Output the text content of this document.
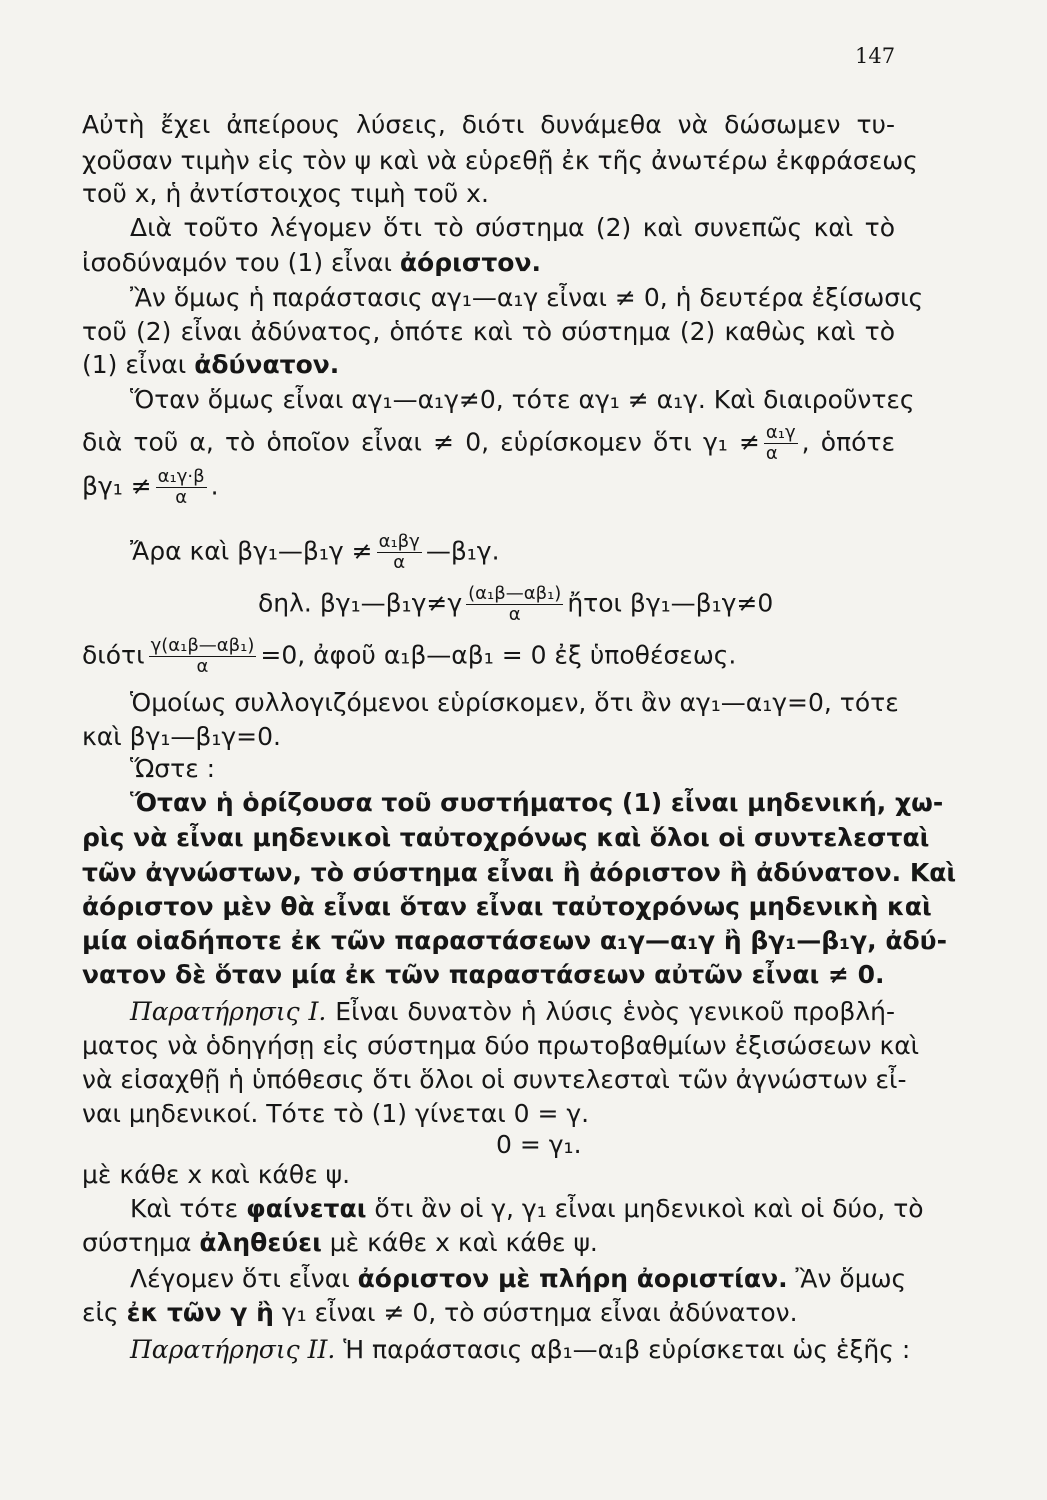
147
Αὐτὴ ἔχει ἀπείρους λύσεις, διότι δυνάμεθα νὰ δώσωμεν τυ-
χοῦσαν τιμὴν εἰς τὸν ψ καὶ νὰ εὑρεθῇ ἐκ τῆς ἀνωτέρω ἐκφράσεως
τοῦ x, ἡ ἀντίστοιχος τιμὴ τοῦ x.
Διὰ τοῦτο λέγομεν ὅτι τὸ σύστημα (2) καὶ συνεπῶς καὶ τὸ
ἰσοδύναμόν του (1) εἶναι ἀόριστον.
Ἂν ὅμως ἡ παράστασις αγ₁—α₁γ εἶναι ≠ 0, ἡ δευτέρα ἐξίσωσις
τοῦ (2) εἶναι ἀδύνατος, ὁπότε καὶ τὸ σύστημα (2) καθὼς καὶ τὸ
(1) εἶναι ἀδύνατον.
Ὅταν ὅμως εἶναι αγ₁—α₁γ≠0, τότε αγ₁ ≠ α₁γ. Καὶ διαιροῦντες
διὰ τοῦ α, τὸ ὁποῖον εἶναι ≠ 0, εὑρίσκομεν ὅτι $\gamma_1 \ne \frac{\text{α₁γ}}{\alpha}$ , ὁπότε
$\beta\gamma_1 \ne \frac{\text{α₁γ·β}}{\alpha}$ .
Ἄρα καὶ βγ₁—β₁γ ≠ $\frac{\text{α₁βγ}}{\alpha}$ —β₁γ.
δηλ. βγ₁—β₁γ≠γ $\frac{\text{(α₁β—αβ₁)}}{\alpha}$ ἤτοι βγ₁—β₁γ≠0
διότι $\frac{\text{γ(α₁β—αβ₁)}}{\alpha} =0$, ἀφοῦ α₁β—αβ₁ = 0 ἐξ ὑποθέσεως.
Ὁμοίως συλλογιζόμενοι εὑρίσκομεν, ὅτι ἂν αγ₁—α₁γ=0, τότε
καὶ βγ₁—β₁γ=0.
Ὥστε :
Ὅταν ἡ ὁρίζουσα τοῦ συστήματος (1) εἶναι μηδενική, χω-
ρὶς νὰ εἶναι μηδενικοὶ ταὐτοχρόνως καὶ ὅλοι οἱ συντελεσταὶ
τῶν ἀγνώστων, τὸ σύστημα εἶναι ἢ ἀόριστον ἢ ἀδύνατον. Καὶ
ἀόριστον μὲν θὰ εἶναι ὅταν εἶναι ταὐτοχρόνως μηδενικὴ καὶ
μία οἱαδήποτε ἐκ τῶν παραστάσεων α₁γ—α₁γ ἢ βγ₁—β₁γ, ἀδύ-
νατον δὲ ὅταν μία ἐκ τῶν παραστάσεων αὐτῶν εἶναι ≠ 0.
Παρατήρησις Ι. Εἶναι δυνατὸν ἡ λύσις ἑνὸς γενικοῦ προβλή-
ματος νὰ ὁδηγήσῃ εἰς σύστημα δύο πρωτοβαθμίων ἐξισώσεων καὶ
νὰ εἰσαχθῇ ἡ ὑπόθεσις ὅτι ὅλοι οἱ συντελεσταὶ τῶν ἀγνώστων εἶ-
ναι μηδενικοί. Τότε τὸ (1) γίνεται 0 = γ.
0 = γ₁.
μὲ κάθε x καὶ κάθε ψ.
Καὶ τότε φαίνεται ὅτι ἂν οἱ γ, γ₁ εἶναι μηδενικοὶ καὶ οἱ δύο, τὸ
σύστημα ἀληθεύει μὲ κάθε x καὶ κάθε ψ.
Λέγομεν ὅτι εἶναι ἀόριστον μὲ πλήρη ἀοριστίαν. Ἂν ὅμως
εἰς ἐκ τῶν γ ἢ γ₁ εἶναι ≠ 0, τὸ σύστημα εἶναι ἀδύνατον.
Παρατήρησις ΙΙ. Ἡ παράστασις αβ₁—α₁β εὑρίσκεται ὡς ἑξῆς :
